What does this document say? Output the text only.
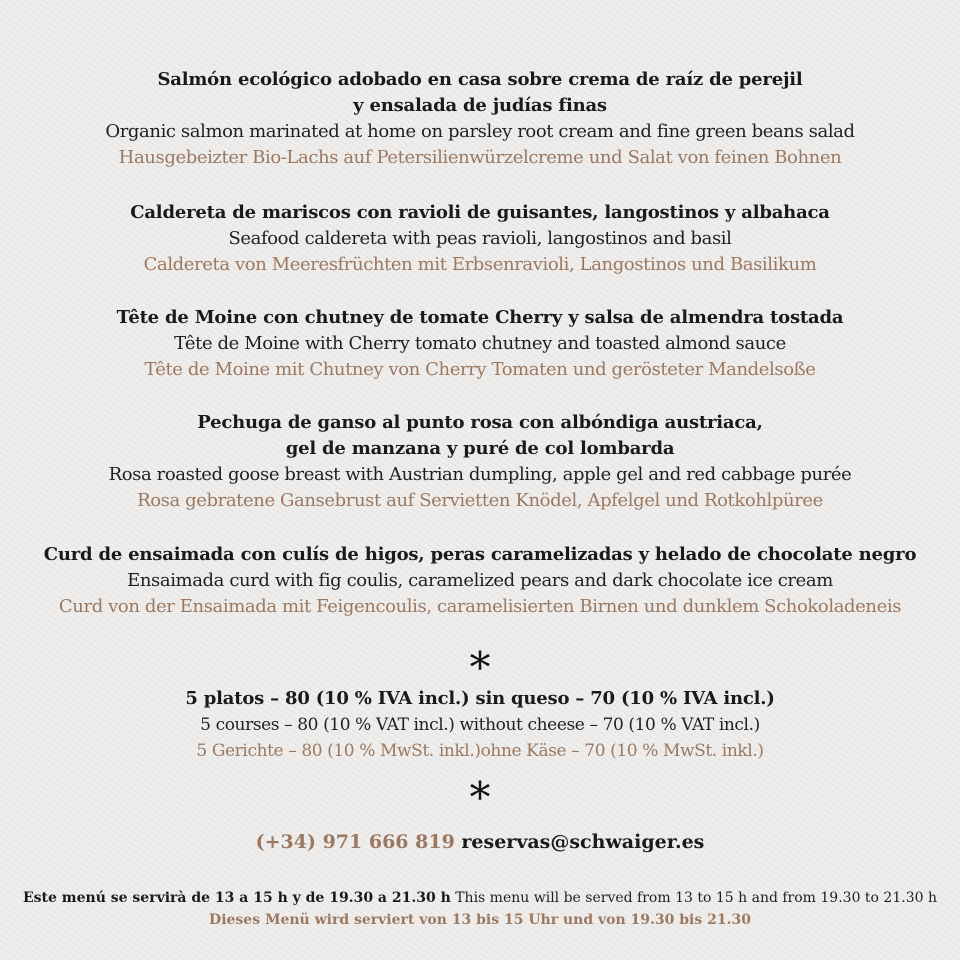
Salmón ecológico adobado en casa sobre crema de raíz de perejil
y ensalada de judías finas
Organic salmon marinated at home on parsley root cream and fine green beans salad
Hausgebeizter Bio-Lachs auf Petersilienwürzelcreme und Salat von feinen Bohnen
Caldereta de mariscos con ravioli de guisantes, langostinos y albahaca
Seafood caldereta with peas ravioli, langostinos and basil
Caldereta von Meeresfrüchten mit Erbsenravioli, Langostinos und Basilikum
Tête de Moine con chutney de tomate Cherry y salsa de almendra tostada
Tête de Moine with Cherry tomato chutney and toasted almond sauce
Tête de Moine mit Chutney von Cherry Tomaten und gerösteter Mandelsoße
Pechuga de ganso al punto rosa con albóndiga austriaca,
gel de manzana y puré de col lombarda
Rosa roasted goose breast with Austrian dumpling, apple gel and red cabbage purée
Rosa gebratene Gansebrust auf Servietten Knödel, Apfelgel und Rotkohlpüree
Curd de ensaimada con culís de higos, peras caramelizadas y helado de chocolate negro
Ensaimada curd with fig coulis, caramelized pears and dark chocolate ice cream
Curd von der Ensaimada mit Feigencoulis, caramelisierten Birnen und dunklem Schokoladeneis
*
5 platos – 80 (10 % IVA incl.) sin queso – 70 (10 % IVA incl.)
5 courses – 80 (10 % VAT incl.) without cheese – 70 (10 % VAT incl.)
5 Gerichte – 80 (10 % MwSt. inkl.)ohne Käse – 70 (10 % MwSt. inkl.)
*
(+34) 971 666 819 reservas@schwaiger.es
Este menú se servirà de 13 a 15 h y de 19.30 a 21.30 h This menu will be served from 13 to 15 h and from 19.30 to 21.30 h
Dieses Menü wird serviert von 13 bis 15 Uhr und von 19.30 bis 21.30
